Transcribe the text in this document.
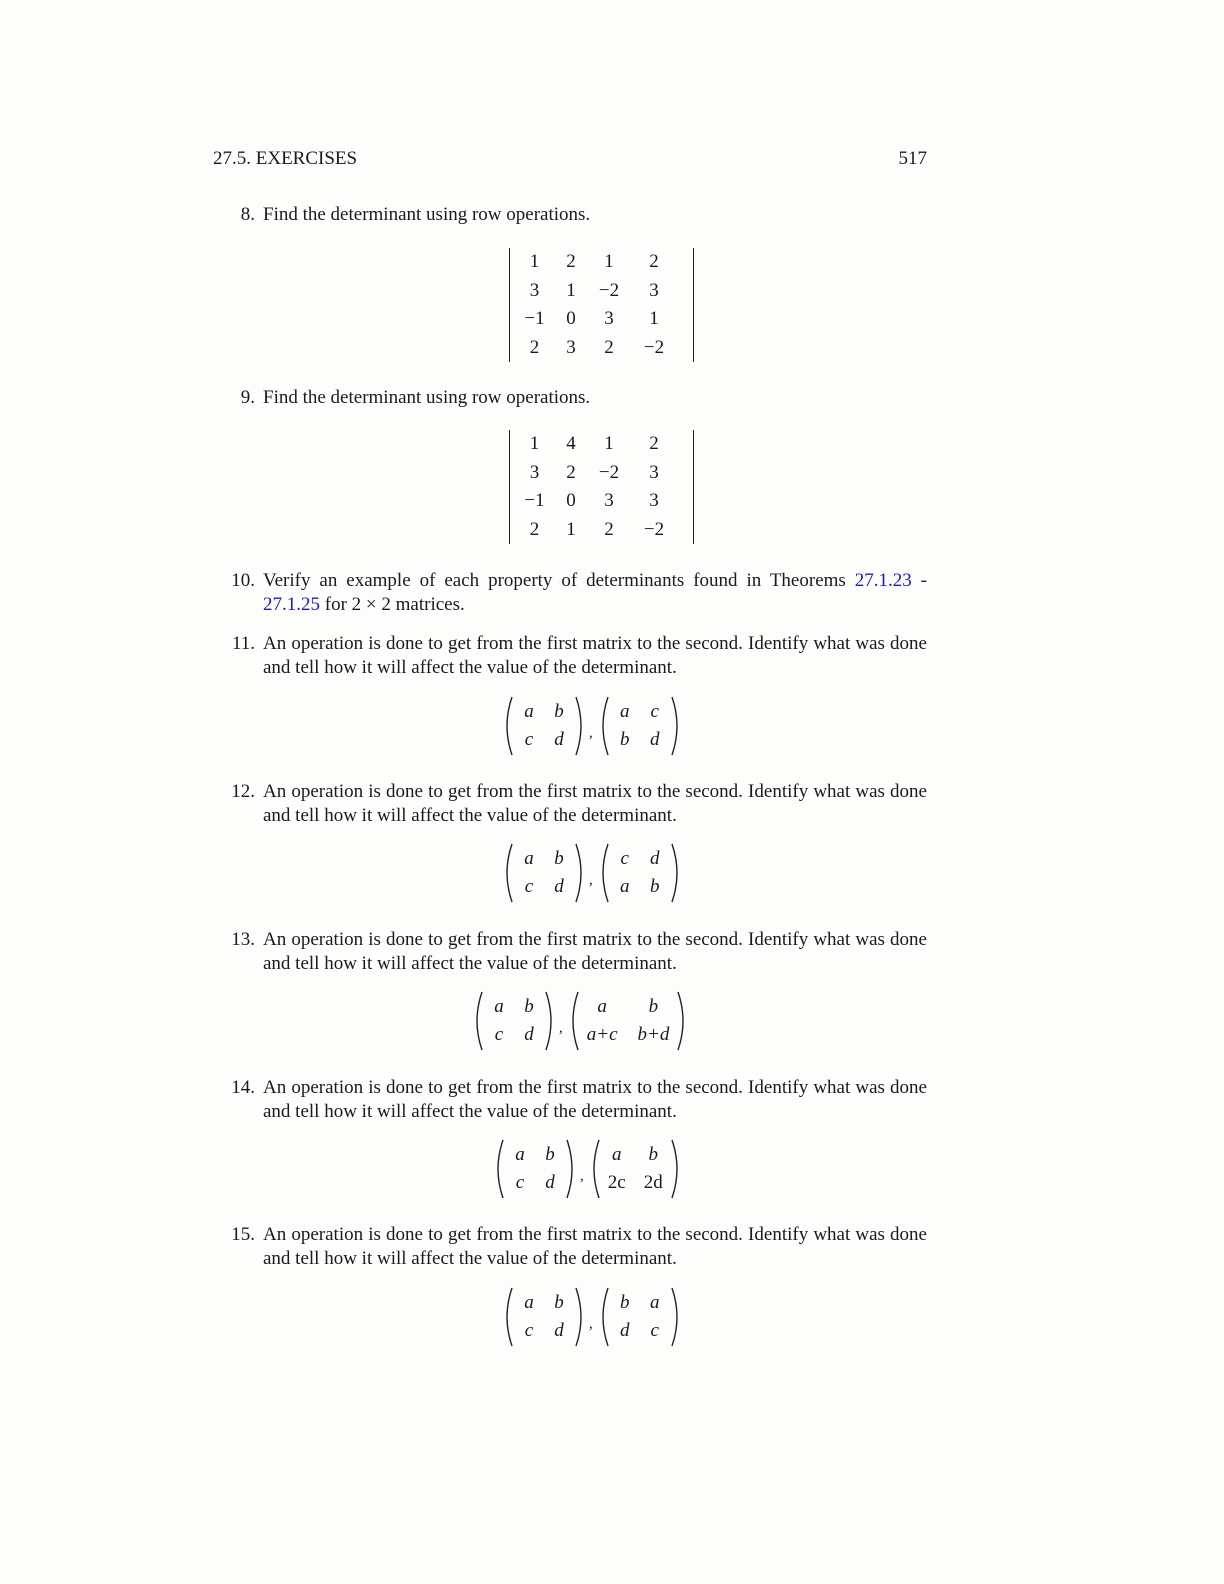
27.5. EXERCISES	517
8. Find the determinant using row operations.
1	2	1	2
3	1	−2	3
−1	0	3	1
2	3	2	−2
9. Find the determinant using row operations.
1	4	1	2
3	2	−2	3
−1	0	3	3
2	1	2	−2
10. Verify an example of each property of determinants found in Theorems 27.1.23 - 27.1.25 for 2 × 2 matrices.
11. An operation is done to get from the first matrix to the second. Identify what was done and tell how it will affect the value of the determinant.
a b
c d ,
a c
b d
12. An operation is done to get from the first matrix to the second. Identify what was done and tell how it will affect the value of the determinant.
a b
c d ,
c d
a b
13. An operation is done to get from the first matrix to the second. Identify what was done and tell how it will affect the value of the determinant.
a b
c d ,
a	b
a+c b+d
14. An operation is done to get from the first matrix to the second. Identify what was done and tell how it will affect the value of the determinant.
a b
c d ,
a b
2c 2d
15. An operation is done to get from the first matrix to the second. Identify what was done and tell how it will affect the value of the determinant.
a b
c d ,
b a
d c
